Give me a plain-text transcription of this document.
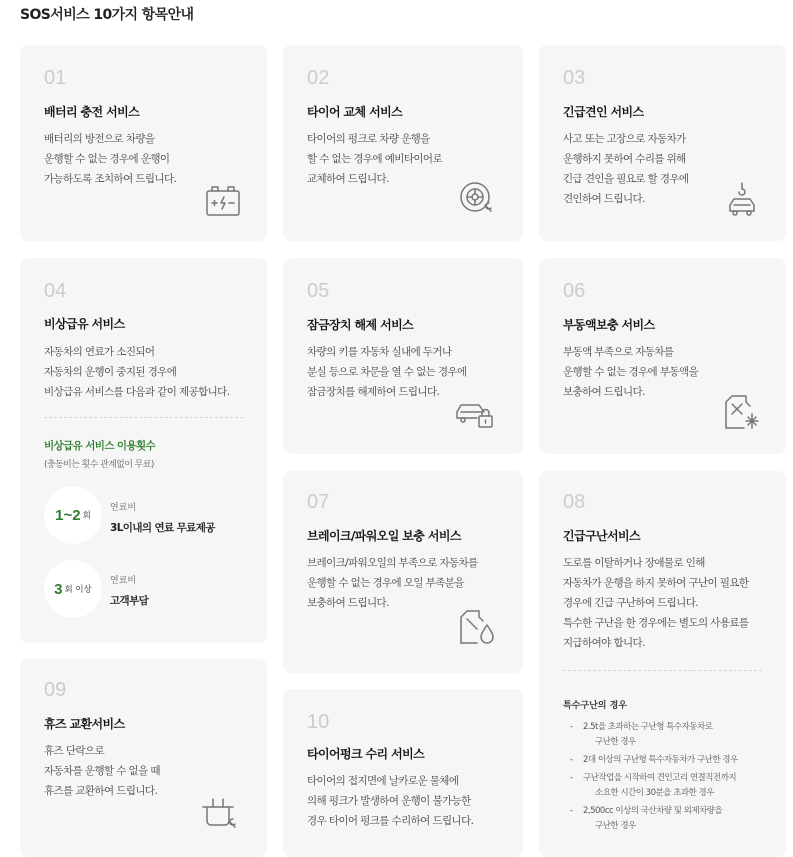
SOS서비스 10가지 항목안내
01
배터리 충전 서비스
배터리의 방전으로 차량을
운행할 수 없는 경우에 운행이
가능하도록 조치하여 드립니다.
02
타이어 교체 서비스
타이어의 펑크로 차량 운행을
할 수 없는 경우에 예비타이어로
교체하여 드립니다.
03
긴급견인 서비스
사고 또는 고장으로 자동차가
운행하지 못하여 수리를 위해
긴급 견인을 필요로 할 경우에
견인하여 드립니다.
04
비상급유 서비스
자동차의 연료가 소진되어
자동차의 운행이 중지된 경우에
비상급유 서비스를 다음과 같이 제공합니다.
비상급유 서비스 이용횟수
(충동비는 횟수 관계없이 무료)
1~2 회
연료비
3L이내의 연료 무료제공
3 회 이상
연료비
고객부담
05
잠금장치 해제 서비스
차량의 키를 자동차 실내에 두거나
분실 등으로 차문을 열 수 없는 경우에
잠금장치를 해제하여 드립니다.
06
부동액보충 서비스
부동액 부족으로 자동차를
운행할 수 없는 경우에 부동액을
보충하여 드립니다.
07
브레이크/파워오일 보충 서비스
브레이크/파워오일의 부족으로 자동차를
운행할 수 없는 경우에 오일 부족분을
보충하여 드립니다.
08
긴급구난서비스
도로를 이탈하거나 장애물로 인해
자동차가 운행을 하지 못하여 구난이 필요한
경우에 긴급 구난하여 드립니다.
특수한 구난을 한 경우에는 별도의 사용료를
지급하여야 합니다.
특수구난의 경우
- 2.5t을 초과하는 구난형 특수자동차로
구난한 경우
- 2대 이상의 구난형 특수자동차가 구난한 경우
- 구난작업을 시작하여 견인고리 연결직전까지
소요한 시간이 30분을 초과한 경우
- 2,500cc 이상의 국산차량 및 외제차량을
구난한 경우
09
휴즈 교환서비스
휴즈 단락으로
자동차를 운행할 수 없을 때
휴즈를 교환하여 드립니다.
10
타이어펑크 수리 서비스
타이어의 접지면에 날카로운 물체에
의해 펑크가 발생하여 운행이 불가능한
경우 타이어 펑크를 수리하여 드립니다.
